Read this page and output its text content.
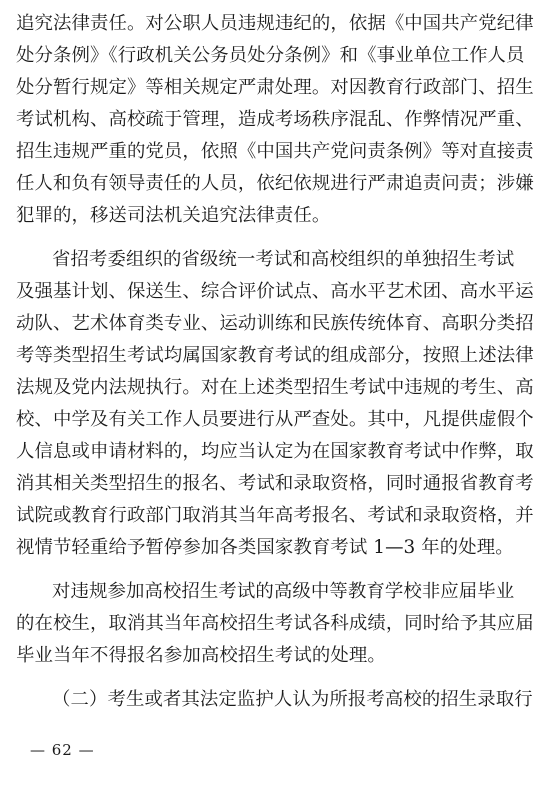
追究法律责任。对公职人员违规违纪的，依据《中国共产党纪律
处分条例》《行政机关公务员处分条例》和《事业单位工作人员
处分暂行规定》等相关规定严肃处理。对因教育行政部门、招生
考试机构、高校疏于管理，造成考场秩序混乱、作弊情况严重、
招生违规严重的党员，依照《中国共产党问责条例》等对直接责
任人和负有领导责任的人员，依纪依规进行严肃追责问责；涉嫌
犯罪的，移送司法机关追究法律责任。
省招考委组织的省级统一考试和高校组织的单独招生考试
及强基计划、保送生、综合评价试点、高水平艺术团、高水平运
动队、艺术体育类专业、运动训练和民族传统体育、高职分类招
考等类型招生考试均属国家教育考试的组成部分，按照上述法律
法规及党内法规执行。对在上述类型招生考试中违规的考生、高
校、中学及有关工作人员要进行从严查处。其中，凡提供虚假个
人信息或申请材料的，均应当认定为在国家教育考试中作弊，取
消其相关类型招生的报名、考试和录取资格，同时通报省教育考
试院或教育行政部门取消其当年高考报名、考试和录取资格，并
视情节轻重给予暂停参加各类国家教育考试 1—3 年的处理。
对违规参加高校招生考试的高级中等教育学校非应届毕业
的在校生，取消其当年高校招生考试各科成绩，同时给予其应届
毕业当年不得报名参加高校招生考试的处理。
（二）考生或者其法定监护人认为所报考高校的招生录取行
— 62 —
